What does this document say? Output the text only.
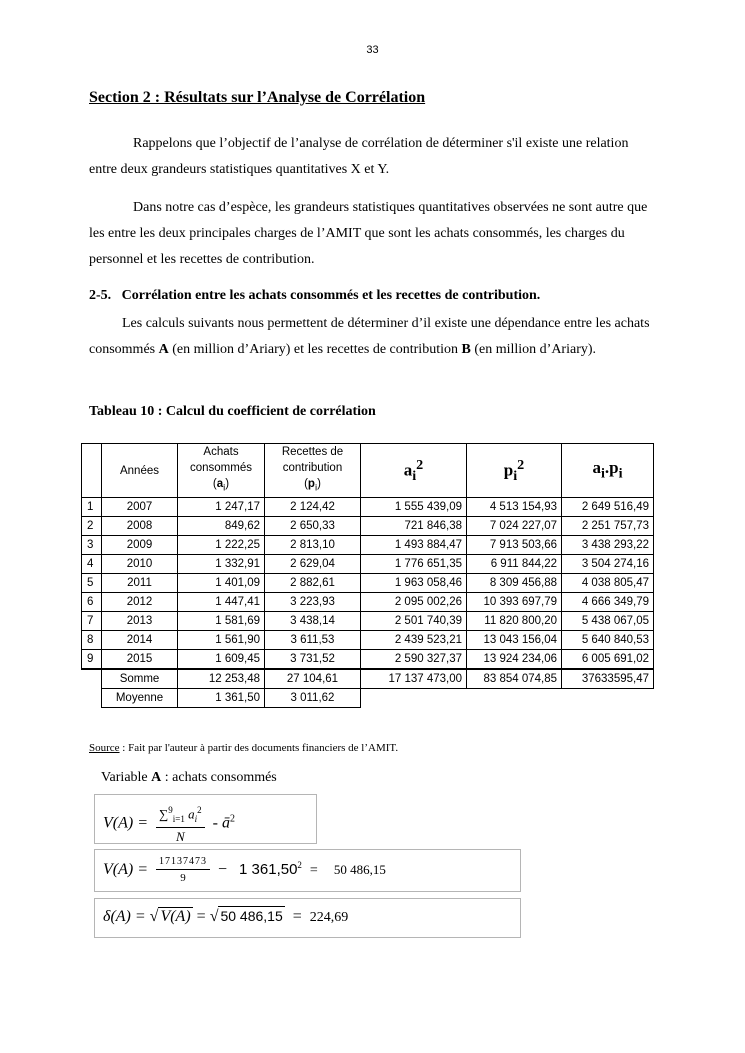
33
Section 2 : Résultats sur l’Analyse de Corrélation
Rappelons que l’objectif de l’analyse de corrélation de déterminer s'il existe une relation entre deux grandeurs statistiques quantitatives X et Y.
Dans notre cas d’espèce, les grandeurs statistiques quantitatives observées ne sont autre que les entre les deux principales charges de l’AMIT que sont les achats consommés, les charges du personnel et les recettes de contribution.
2-5. Corrélation entre les achats consommés et les recettes de contribution.
Les calculs suivants nous permettent de déterminer d’il existe une dépendance entre les achats consommés A (en million d’Ariary) et les recettes de contribution B (en million d’Ariary).
Tableau 10 : Calcul du coefficient de corrélation
	Années	Achats
consommés
$(a_i)$	Recettes de
contribution
$(p_i)$	$a_i^2$	$p_i^2$	$a_i.p_i$
1	2007	1 247,17	2 124,42	1 555 439,09	4 513 154,93	2 649 516,49
2	2008	849,62	2 650,33	721 846,38	7 024 227,07	2 251 757,73
3	2009	1 222,25	2 813,10	1 493 884,47	7 913 503,66	3 438 293,22
4	2010	1 332,91	2 629,04	1 776 651,35	6 911 844,22	3 504 274,16
5	2011	1 401,09	2 882,61	1 963 058,46	8 309 456,88	4 038 805,47
6	2012	1 447,41	3 223,93	2 095 002,26	10 393 697,79	4 666 349,79
7	2013	1 581,69	3 438,14	2 501 740,39	11 820 800,20	5 438 067,05
8	2014	1 561,90	3 611,53	2 439 523,21	13 043 156,04	5 640 840,53
9	2015	1 609,45	3 731,52	2 590 327,37	13 924 234,06	6 005 691,02
	Somme	12 253,48	27 104,61	17 137 473,00	83 854 074,85	37633595,47
	Moyenne	1 361,50	3 011,62			
Source : Fait par l'auteur à partir des documents financiers de l’AMIT.
Variable A : achats consommés
$V(A) = \frac{\sum^9_{i=1} a_i^2}{N}$ - $ā^2$
$V(A) = \frac{17137473}{9} - 1$ $361,50^2 = 50$ 486,15
δ(A) = √ V(A) = √ 50 486,15 = 224,69
